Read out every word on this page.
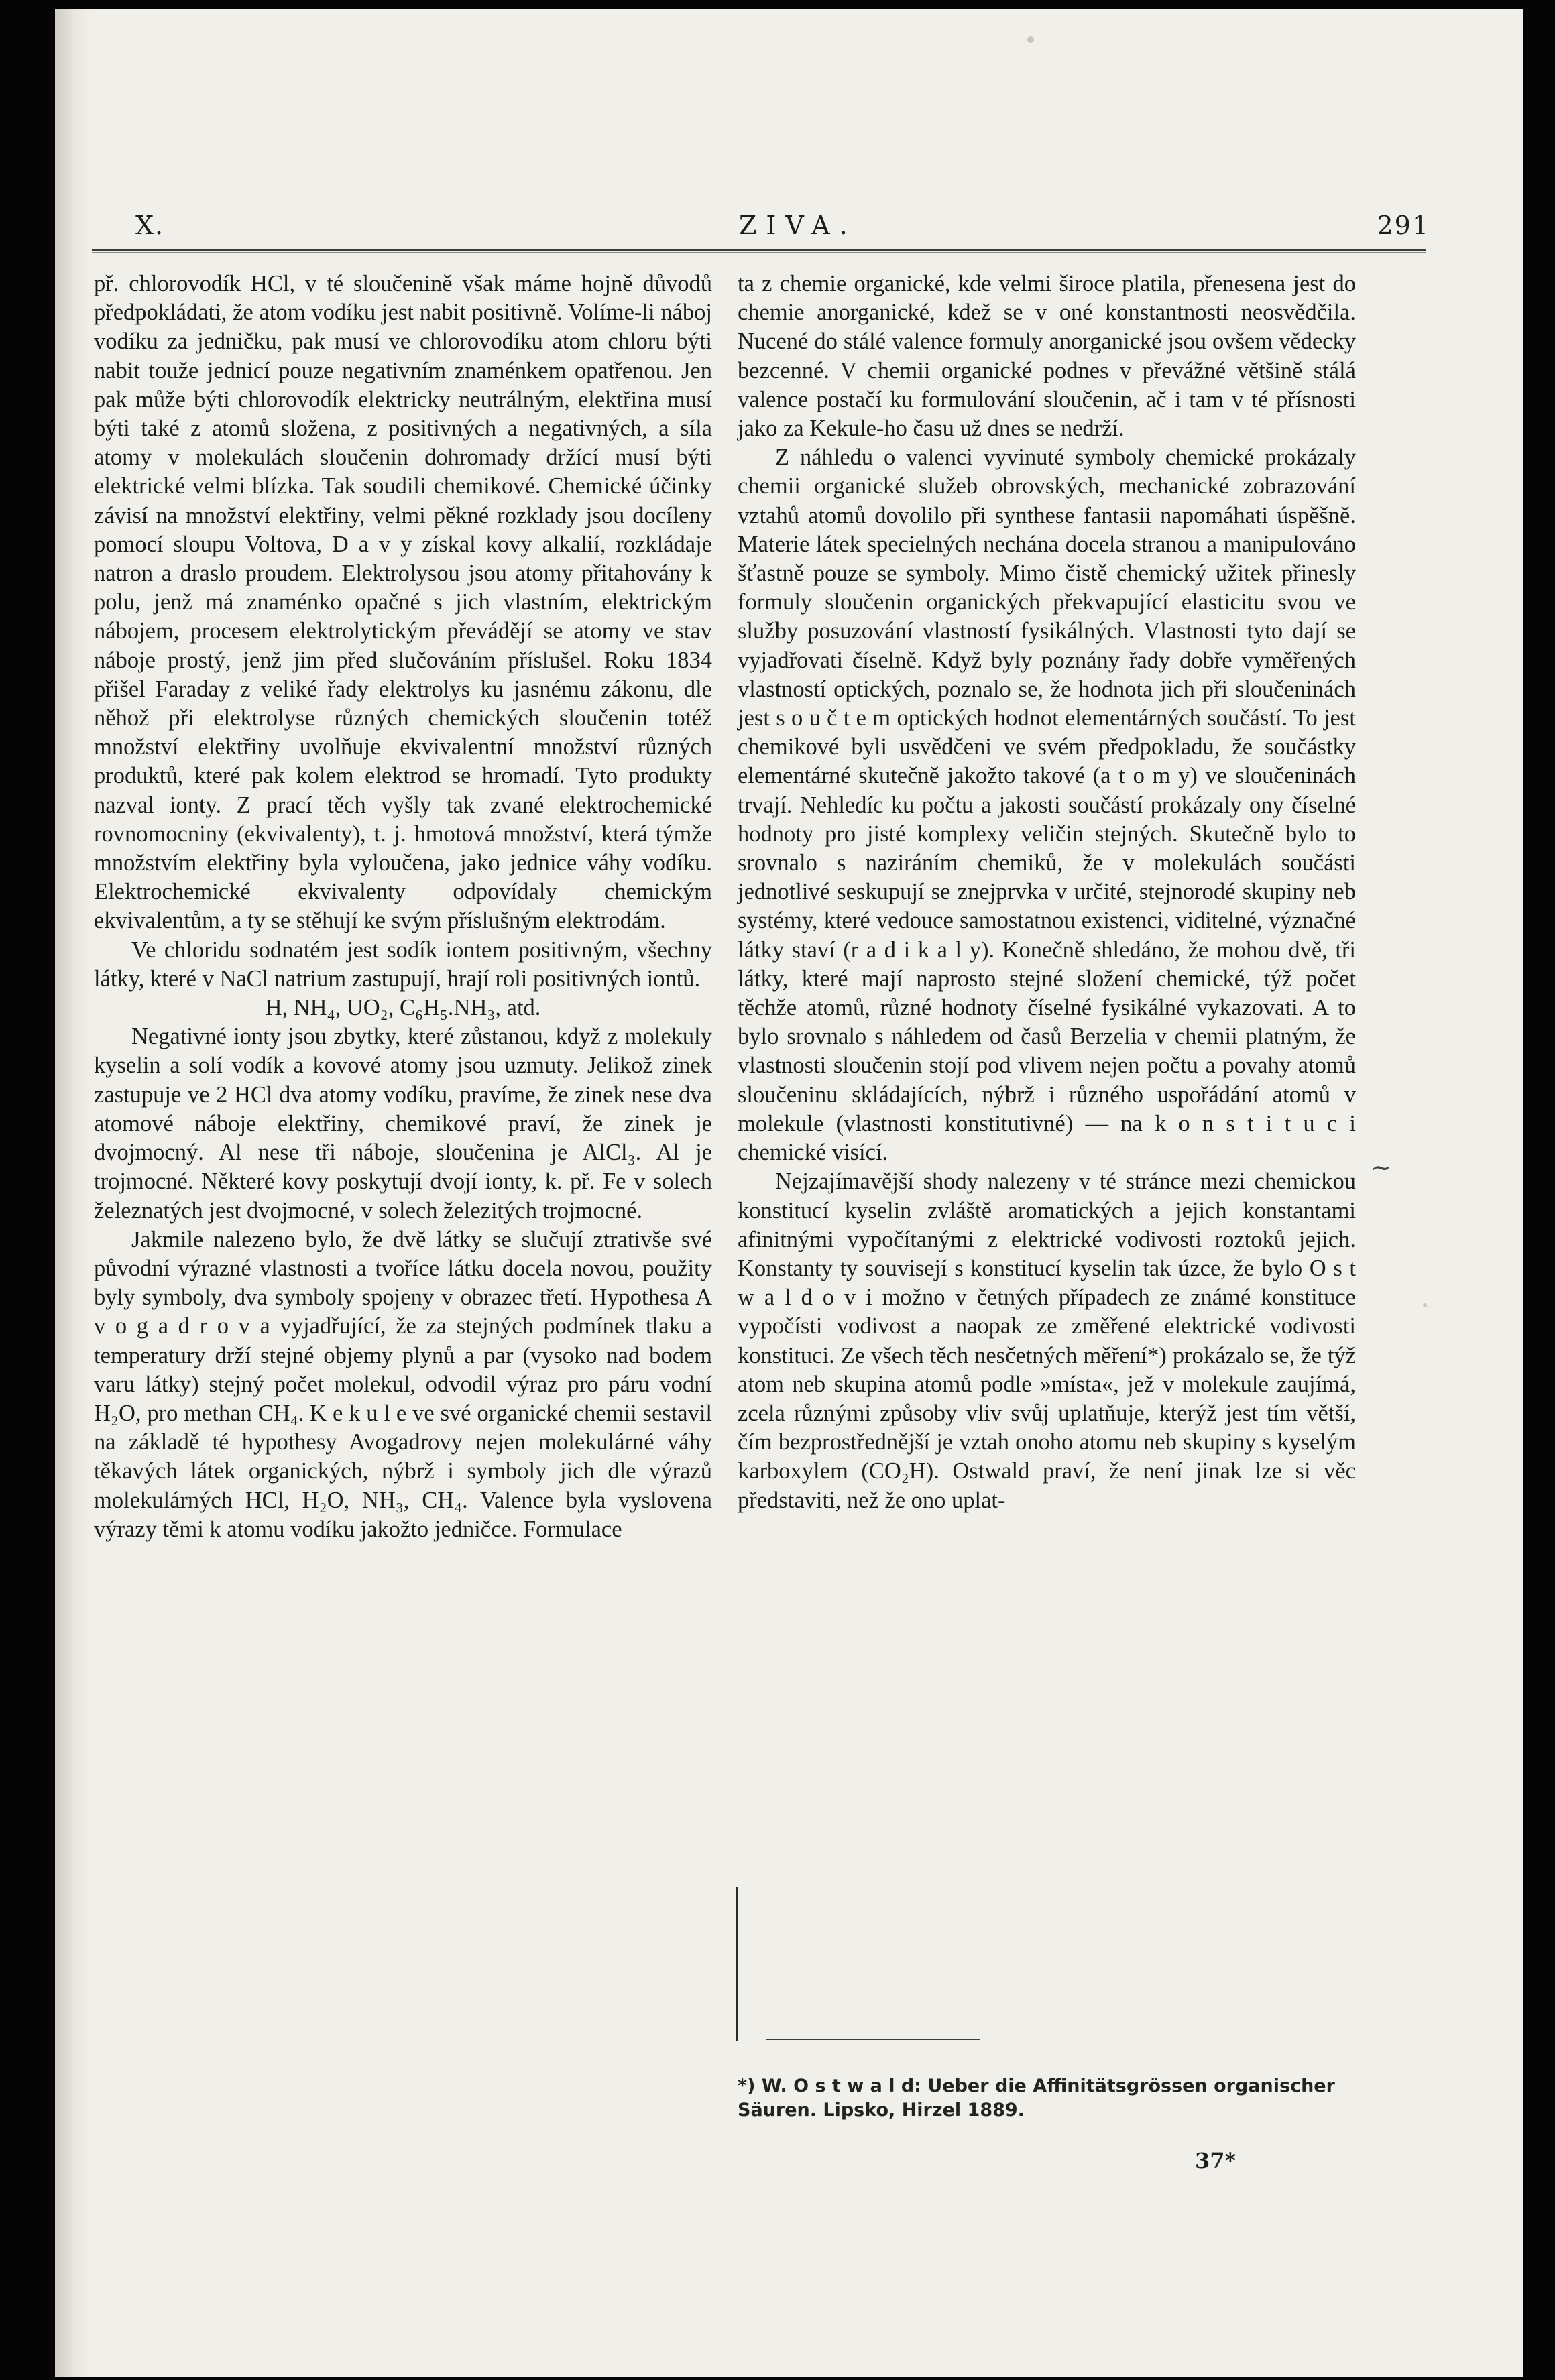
X.	ZIVA.	291

př. chlorovodík HCl, v té sloučenině však máme hojně důvodů předpokládati, že atom vodíku jest nabit positivně. Volíme-li náboj vodíku za jedničku, pak musí ve chlorovodíku atom chloru býti nabit touže jednicí pouze negativním znaménkem opatřenou. Jen pak může býti chlorovodík elektricky neutrálným, elektřina musí býti také z atomů složena, z positivných a negativných, a síla atomy v molekulách sloučenin dohromady držící musí býti elektrické velmi blízka. Tak soudili chemikové. Chemické účinky závisí na množství elektřiny, velmi pěkné rozklady jsou docíleny pomocí sloupu Voltova, D a v y získal kovy alkalií, rozkládaje natron a draslo proudem. Elektrolysou jsou atomy přitahovány k polu, jenž má znaménko opačné s jich vlastním, elektrickým nábojem, procesem elektrolytickým převádějí se atomy ve stav náboje prostý, jenž jim před slučováním příslušel. Roku 1834 přišel Faraday z veliké řady elektrolys ku jasnému zákonu, dle něhož při elektrolyse různých chemických sloučenin totéž množství elektřiny uvolňuje ekvivalentní množství různých produktů, které pak kolem elektrod se hromadí. Tyto produkty nazval ionty. Z prací těch vyšly tak zvané elektrochemické rovnomocniny (ekvivalenty), t. j. hmotová množství, která týmže množstvím elektřiny byla vyloučena, jako jednice váhy vodíku. Elektrochemické ekvivalenty odpovídaly chemickým ekvivalentům, a ty se stěhují ke svým příslušným elektrodám.

Ve chloridu sodnatém jest sodík iontem positivným, všechny látky, které v NaCl natrium zastupují, hrají roli positivných iontů.

H, NH₄, UO₂, C₆H₅.NH₃, atd.

Negativné ionty jsou zbytky, které zůstanou, když z molekuly kyselin a solí vodík a kovové atomy jsou uzmuty. Jelikož zinek zastupuje ve 2 HCl dva atomy vodíku, pravíme, že zinek nese dva atomové náboje elektřiny, chemikové praví, že zinek je dvojmocný. Al nese tři náboje, sloučenina je AlCl₃. Al je trojmocné. Některé kovy poskytují dvojí ionty, k. př. Fe v solech železnatých jest dvojmocné, v solech železitých trojmocné.

Jakmile nalezeno bylo, že dvě látky se slučují ztrativše své původní výrazné vlastnosti a tvoříce látku docela novou, použity byly symboly, dva symboly spojeny v obrazec třetí. Hypothesa A v o g a d r o v a vyjadřující, že za stejných podmínek tlaku a temperatury drží stejné objemy plynů a par (vysoko nad bodem varu látky) stejný počet molekul, odvodil výraz pro páru vodní H₂O, pro methan CH₄. K e k u l e ve své organické chemii sestavil na základě té hypothesy Avogadrovy nejen molekulárné váhy těkavých látek organických, nýbrž i symboly jich dle výrazů molekulárných HCl, H₂O, NH₃, CH₄. Valence byla vyslovena výrazy těmi k atomu vodíku jakožto jedničce. Formulace

ta z chemie organické, kde velmi široce platila, přenesena jest do chemie anorganické, kdež se v oné konstantnosti neosvědčila. Nucené do stálé valence formuly anorganické jsou ovšem vědecky bezcenné. V chemii organické podnes v převážné většině stálá valence postačí ku formulování sloučenin, ač i tam v té přísnosti jako za Kekule-ho času už dnes se nedrží.

Z náhledu o valenci vyvinuté symboly chemické prokázaly chemii organické služeb obrovských, mechanické zobrazování vztahů atomů dovolilo při synthese fantasii napomáhati úspěšně. Materie látek specielných nechána docela stranou a manipulováno šťastně pouze se symboly. Mimo čistě chemický užitek přinesly formuly sloučenin organických překvapující elasticitu svou ve služby posuzování vlastností fysikálných. Vlastnosti tyto dají se vyjadřovati číselně. Když byly poznány řady dobře vyměřených vlastností optických, poznalo se, že hodnota jich při sloučeninách jest s o u č t e m optických hodnot elementárných součástí. To jest chemikové byli usvědčeni ve svém předpokladu, že součástky elementárné skutečně jakožto takové (a t o m y) ve sloučeninách trvají. Nehledíc ku počtu a jakosti součástí prokázaly ony číselné hodnoty pro jisté komplexy veličin stejných. Skutečně bylo to srovnalo s naziráním chemiků, že v molekulách součásti jednotlivé seskupují se znejprvka v určité, stejnorodé skupiny neb systémy, které vedouce samostatnou existenci, viditelné, význačné látky staví (r a d i k a l y). Konečně shledáno, že mohou dvě, tři látky, které mají naprosto stejné složení chemické, týž počet těchže atomů, různé hodnoty číselné fysikálné vykazovati. A to bylo srovnalo s náhledem od časů Berzelia v chemii platným, že vlastnosti sloučenin stojí pod vlivem nejen počtu a povahy atomů sloučeninu skládajících, nýbrž i různého uspořádání atomů v molekule (vlastnosti konstitutivné) — na k o n s t i t u c i chemické visící.

Nejzajímavější shody nalezeny v té stránce mezi chemickou konstitucí kyselin zvláště aromatických a jejich konstantami afinitnými vypočítanými z elektrické vodivosti roztoků jejich. Konstanty ty souvisejí s konstitucí kyselin tak úzce, že bylo O s t w a l d o v i možno v četných případech ze známé konstituce vypočísti vodivost a naopak ze změřené elektrické vodivosti konstituci. Ze všech těch nesčetných měření*) prokázalo se, že týž atom neb skupina atomů podle »místa«, jež v molekule zaujímá, zcela různými způsoby vliv svůj uplatňuje, kterýž jest tím větší, čím bezprostřednější je vztah onoho atomu neb skupiny s kyselým karboxylem (CO₂H). Ostwald praví, že není jinak lze si věc představiti, než že ono uplat-

*) W. O s t w a l d: Ueber die Affinitätsgrössen organischer Säuren. Lipsko, Hirzel 1889.
37*
~
